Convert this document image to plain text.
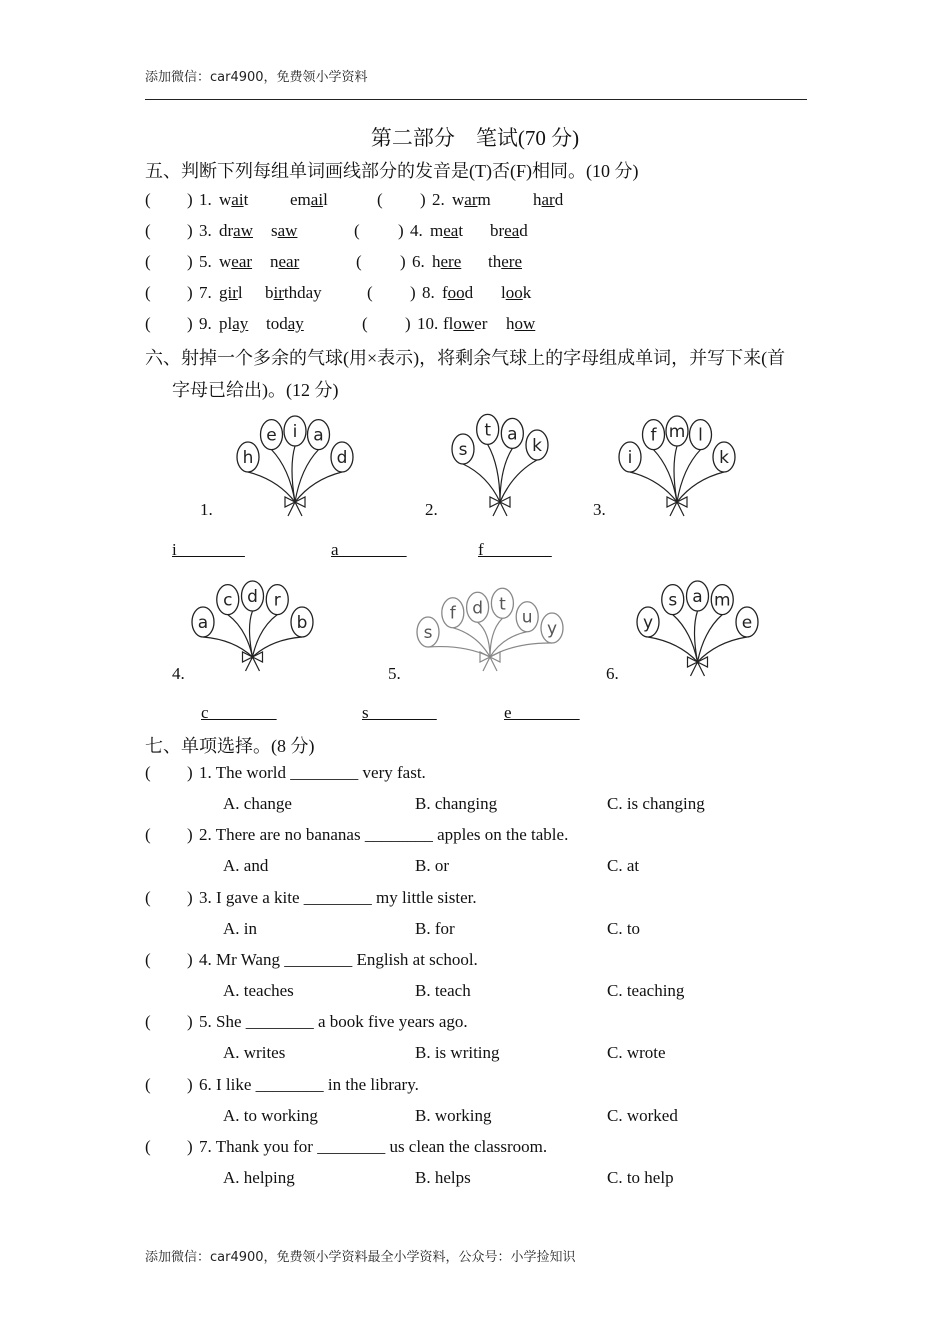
添加微信：car4900，免费领小学资料
第二部分　笔试(70 分)
五、判断下列每组单词画线部分的发音是(T)否(F)相同。(10 分)
( ) 1. wait email	( ) 2. warm hard
( ) 3. draw saw	( ) 4. meat bread
( ) 5. wear near	( ) 6. here there
( ) 7. girl birthday	( ) 8. food look
( ) 9. play today	( ) 10. flower how
六、射掉一个多余的气球(用×表示)，将剩余气球上的字母组成单词，并写下来(首
字母已给出)。(12 分)
h
e i a
d
1.
i________
s
t a
k
2.
a________
i
f m l
k
3.
f________
a
c d r
b
4.
c________
s
f d t
u
y
5.
s________
y
s a m
e
6.
e________
七、单项选择。(8 分)
( ) 1. The world ________ very fast.
A. change	B. changing	C. is changing
( ) 2. There are no bananas ________ apples on the table.
A. and	B. or	C. at
( ) 3. I gave a kite ________ my little sister.
A. in	B. for	C. to
( ) 4. Mr Wang ________ English at school.
A. teaches	B. teach	C. teaching
( ) 5. She ________ a book five years ago.
A. writes	B. is writing	C. wrote
( ) 6. I like ________ in the library.
A. to working	B. working	C. worked
( ) 7. Thank you for ________ us clean the classroom.
A. helping	B. helps	C. to help
添加微信：car4900，免费领小学资料最全小学资料，公众号：小学捡知识
